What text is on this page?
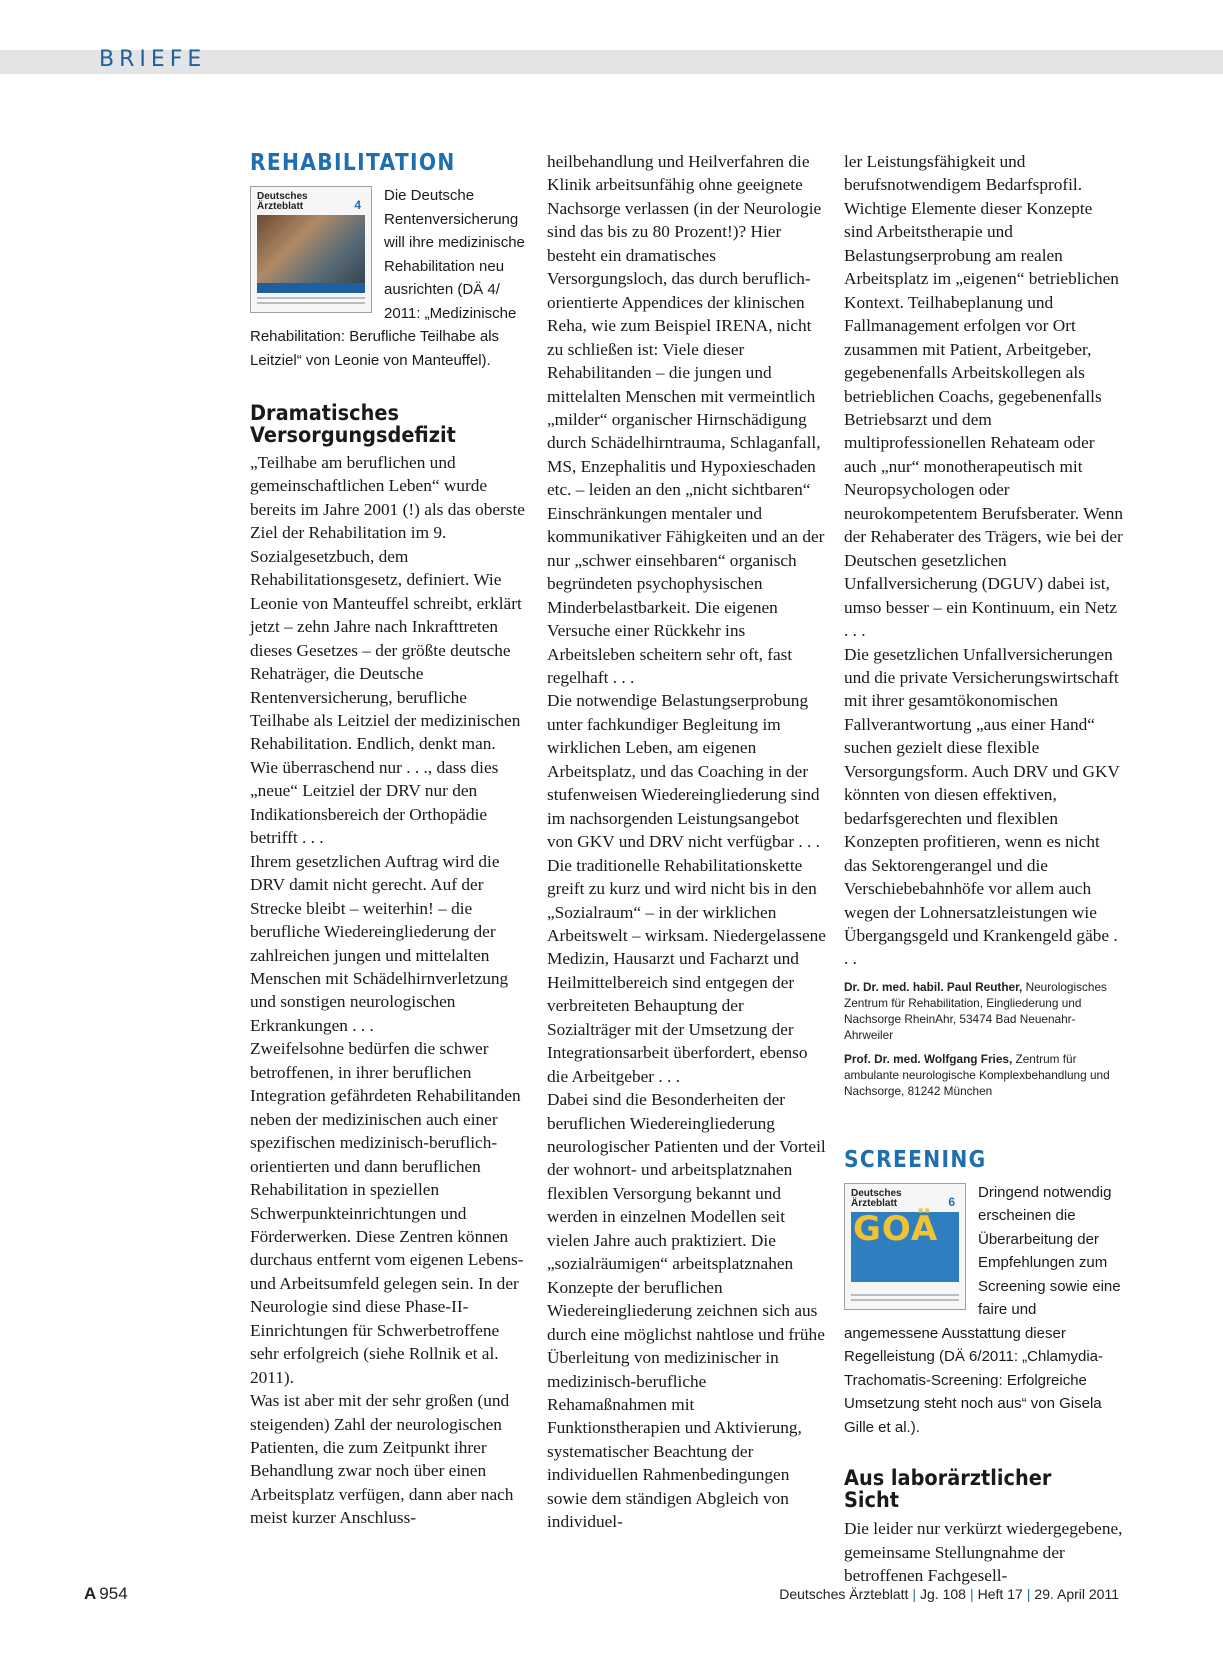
BRIEFE
REHABILITATION
Deutsches
Ärzteblatt	4
Die Deutsche Rentenversicherung will ihre medizinische Rehabilitation neu ausrichten (DÄ 4/ 2011: „Medizinische Rehabilitation: Berufliche Teilhabe als Leitziel“ von Leonie von Manteuffel).
Dramatisches Versorgungsdefizit

„Teilhabe am beruflichen und gemeinschaftlichen Leben“ wurde bereits im Jahre 2001 (!) als das oberste Ziel der Rehabilitation im 9. Sozialgesetzbuch, dem Rehabilitationsgesetz, definiert. Wie Leonie von Manteuffel schreibt, erklärt jetzt – zehn Jahre nach Inkrafttreten dieses Gesetzes – der größte deutsche Rehaträger, die Deutsche Rentenversicherung, berufliche Teilhabe als Leitziel der medizinischen Rehabilitation. Endlich, denkt man. Wie überraschend nur . . ., dass dies „neue“ Leitziel der DRV nur den Indikationsbereich der Orthopädie betrifft . . .

Ihrem gesetzlichen Auftrag wird die DRV damit nicht gerecht. Auf der Strecke bleibt – weiterhin! – die berufliche Wiedereingliederung der zahlreichen jungen und mittelalten Menschen mit Schädelhirnverletzung und sonstigen neurologischen Erkrankungen . . .

Zweifelsohne bedürfen die schwer betroffenen, in ihrer beruflichen Integration gefährdeten Rehabilitanden neben der medizinischen auch einer spezifischen medizinisch-beruflich-orientierten und dann beruflichen Rehabilitation in speziellen Schwerpunkteinrichtungen und Förderwerken. Diese Zentren können durchaus entfernt vom eigenen Lebens- und Arbeitsumfeld gelegen sein. In der Neurologie sind diese Phase-II-Einrichtungen für Schwerbetroffene sehr erfolgreich (siehe Rollnik et al. 2011).

Was ist aber mit der sehr großen (und steigenden) Zahl der neurologischen Patienten, die zum Zeitpunkt ihrer Behandlung zwar noch über einen Arbeitsplatz verfügen, dann aber nach meist kurzer Anschluss-

heilbehandlung und Heilverfahren die Klinik arbeitsunfähig ohne geeignete Nachsorge verlassen (in der Neurologie sind das bis zu 80 Prozent!)? Hier besteht ein dramatisches Versorgungsloch, das durch beruflich-orientierte Appendices der klinischen Reha, wie zum Beispiel IRENA, nicht zu schließen ist: Viele dieser Rehabilitanden – die jungen und mittelalten Menschen mit vermeintlich „milder“ organischer Hirnschädigung durch Schädelhirntrauma, Schlaganfall, MS, Enzephalitis und Hypoxieschaden etc. – leiden an den „nicht sichtbaren“ Einschränkungen mentaler und kommunikativer Fähigkeiten und an der nur „schwer einsehbaren“ organisch begründeten psychophysischen Minderbelastbarkeit. Die eigenen Versuche einer Rückkehr ins Arbeitsleben scheitern sehr oft, fast regelhaft . . .

Die notwendige Belastungserprobung unter fachkundiger Begleitung im wirklichen Leben, am eigenen Arbeitsplatz, und das Coaching in der stufenweisen Wiedereingliederung sind im nachsorgenden Leistungsangebot von GKV und DRV nicht verfügbar . . .

Die traditionelle Rehabilitationskette greift zu kurz und wird nicht bis in den „Sozialraum“ – in der wirklichen Arbeitswelt – wirksam. Niedergelassene Medizin, Hausarzt und Facharzt und Heilmittelbereich sind entgegen der verbreiteten Behauptung der Sozialträger mit der Umsetzung der Integrationsarbeit überfordert, ebenso die Arbeitgeber . . .

Dabei sind die Besonderheiten der beruflichen Wiedereingliederung neurologischer Patienten und der Vorteil der wohnort- und arbeitsplatznahen flexiblen Versorgung bekannt und werden in einzelnen Modellen seit vielen Jahre auch praktiziert. Die „sozialräumigen“ arbeitsplatznahen Konzepte der beruflichen Wiedereingliederung zeichnen sich aus durch eine möglichst nahtlose und frühe Überleitung von medizinischer in medizinisch-berufliche Rehamaßnahmen mit Funktionstherapien und Aktivierung, systematischer Beachtung der individuellen Rahmenbedingungen sowie dem ständigen Abgleich von individuel-

ler Leistungsfähigkeit und berufsnotwendigem Bedarfsprofil. Wichtige Elemente dieser Konzepte sind Arbeitstherapie und Belastungserprobung am realen Arbeitsplatz im „eigenen“ betrieblichen Kontext. Teilhabeplanung und Fallmanagement erfolgen vor Ort zusammen mit Patient, Arbeitgeber, gegebenenfalls Arbeitskollegen als betrieblichen Coachs, gegebenenfalls Betriebsarzt und dem multiprofessionellen Rehateam oder auch „nur“ monotherapeutisch mit Neuropsychologen oder neurokompetentem Berufsberater. Wenn der Rehaberater des Trägers, wie bei der Deutschen gesetzlichen Unfallversicherung (DGUV) dabei ist, umso besser – ein Kontinuum, ein Netz . . .

Die gesetzlichen Unfallversicherungen und die private Versicherungswirtschaft mit ihrer gesamtökonomischen Fallverantwortung „aus einer Hand“ suchen gezielt diese flexible Versorgungsform. Auch DRV und GKV könnten von diesen effektiven, bedarfsgerechten und flexiblen Konzepten profitieren, wenn es nicht das Sektorengerangel und die Verschiebebahnhöfe vor allem auch wegen der Lohnersatzleistungen wie Übergangsgeld und Krankengeld gäbe . . .

Dr. Dr. med. habil. Paul Reuther, Neurologisches Zentrum für Rehabilitation, Eingliederung und Nachsorge RheinAhr, 53474 Bad Neuenahr-Ahrweiler

Prof. Dr. med. Wolfgang Fries, Zentrum für ambulante neurologische Komplexbehandlung und Nachsorge, 81242 München

SCREENING
Deutsches
Ärzteblatt	6
GOÄ
Dringend notwendig erscheinen die Überarbeitung der Empfehlungen zum Screening sowie eine faire und angemessene Ausstattung dieser Regelleistung (DÄ 6/2011: „Chlamydia-Trachomatis-Screening: Erfolgreiche Umsetzung steht noch aus“ von Gisela Gille et al.).
Aus laborärztlicher Sicht

Die leider nur verkürzt wiedergegebene, gemeinsame Stellungnahme der betroffenen Fachgesell-

A 954	Deutsches Ärzteblatt | Jg. 108 | Heft 17 | 29. April 2011
